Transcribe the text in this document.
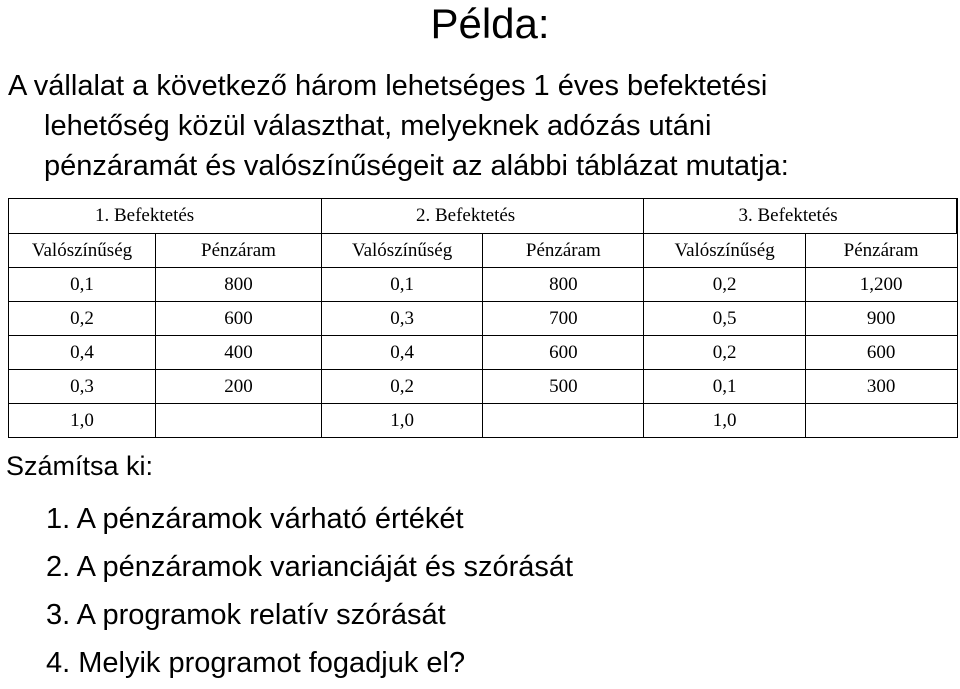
Példa:
A vállalat a következő három lehetséges 1 éves befektetési
lehetőség közül választhat, melyeknek adózás utáni
pénzáramát és valószínűségeit az alábbi táblázat mutatja:
1. Befektetés		2. Befektetés		3. Befektetés	
Valószínűség	Pénzáram	Valószínűség	Pénzáram	Valószínűség	Pénzáram
0,1	800	0,1	800	0,2	1,200
0,2	600	0,3	700	0,5	900
0,4	400	0,4	600	0,2	600
0,3	200	0,2	500	0,1	300
1,0		1,0		1,0	
Számítsa ki:
1. A pénzáramok várható értékét
2. A pénzáramok varianciáját és szórását
3. A programok relatív szórását
4. Melyik programot fogadjuk el?
